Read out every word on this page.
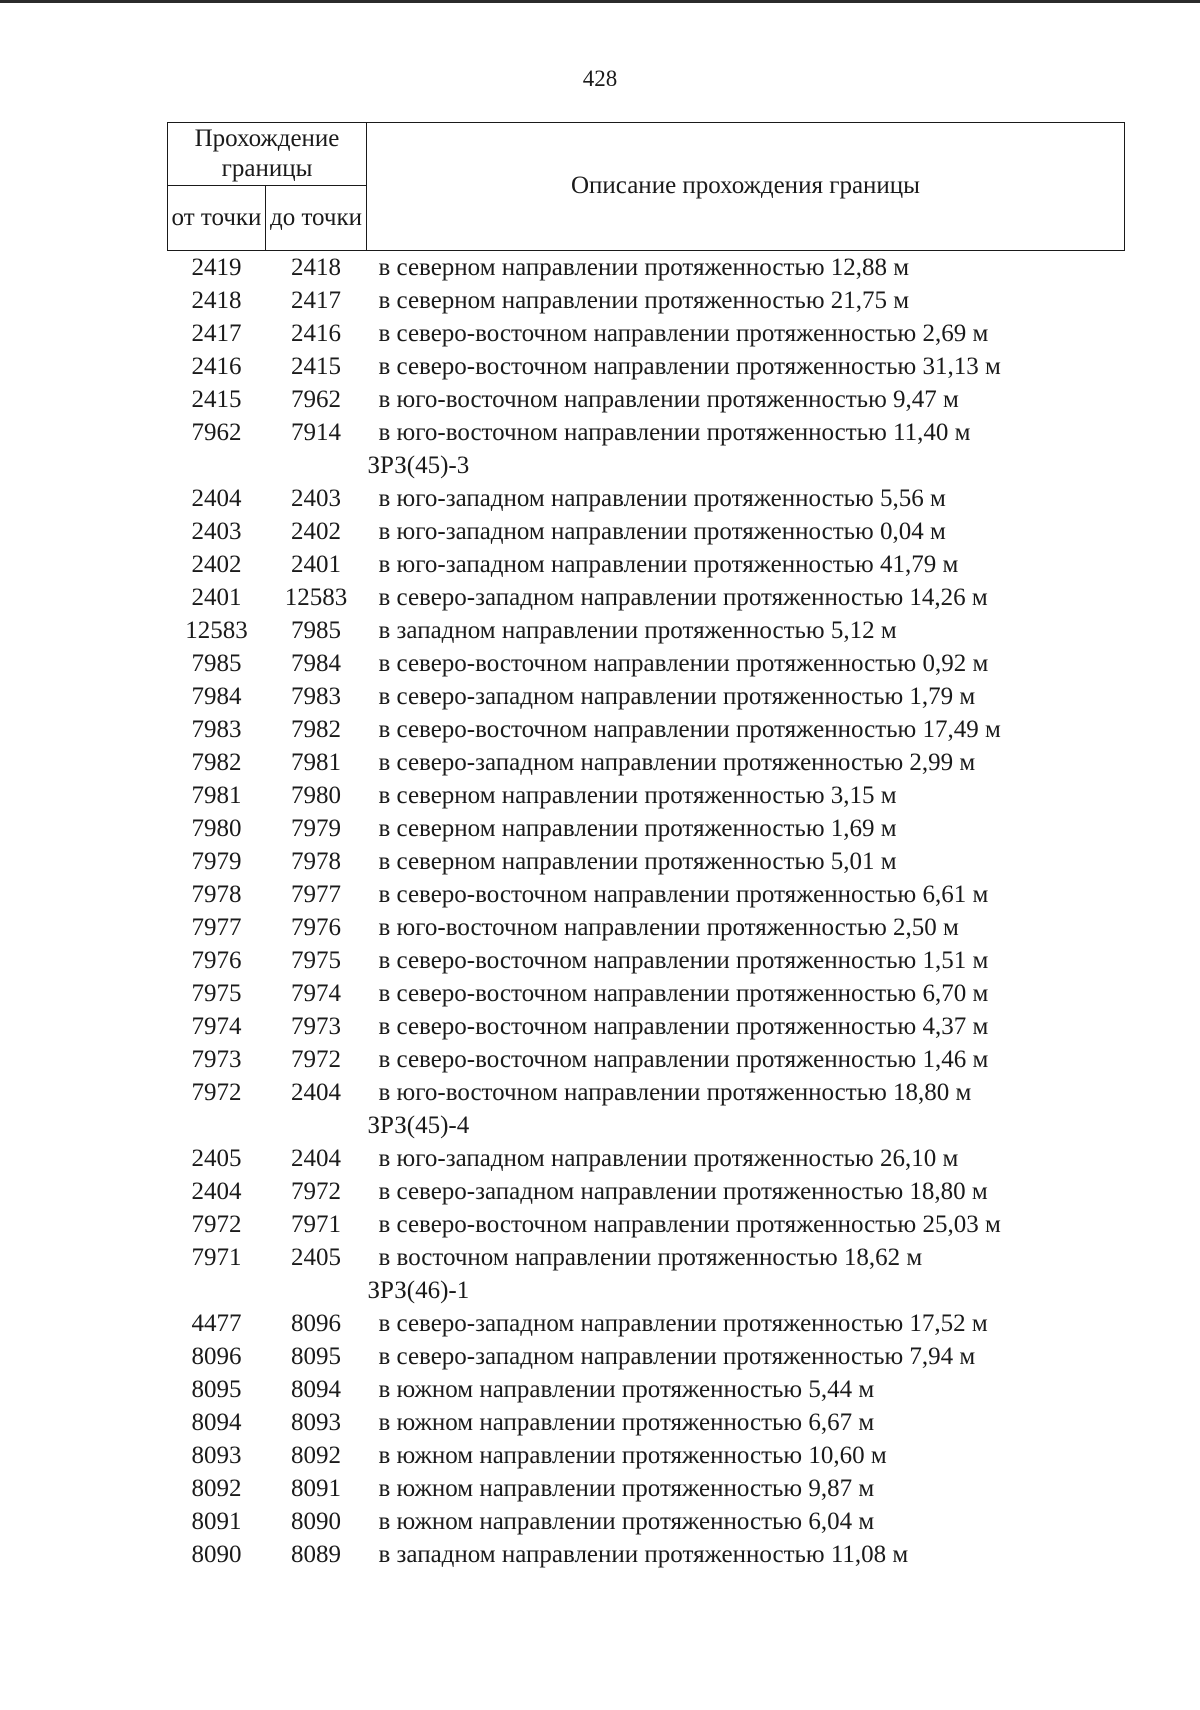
428
Прохождение границы		Описание прохождения границы
от точки	до точки	
2419	2418	в северном направлении протяженностью 12,88 м
2418	2417	в северном направлении протяженностью 21,75 м
2417	2416	в северо-восточном направлении протяженностью 2,69 м
2416	2415	в северо-восточном направлении протяженностью 31,13 м
2415	7962	в юго-восточном направлении протяженностью 9,47 м
7962	7914	в юго-восточном направлении протяженностью 11,40 м
ЗРЗ(45)-3		
2404	2403	в юго-западном направлении протяженностью 5,56 м
2403	2402	в юго-западном направлении протяженностью 0,04 м
2402	2401	в юго-западном направлении протяженностью 41,79 м
2401	12583	в северо-западном направлении протяженностью 14,26 м
12583	7985	в западном направлении протяженностью 5,12 м
7985	7984	в северо-восточном направлении протяженностью 0,92 м
7984	7983	в северо-западном направлении протяженностью 1,79 м
7983	7982	в северо-восточном направлении протяженностью 17,49 м
7982	7981	в северо-западном направлении протяженностью 2,99 м
7981	7980	в северном направлении протяженностью 3,15 м
7980	7979	в северном направлении протяженностью 1,69 м
7979	7978	в северном направлении протяженностью 5,01 м
7978	7977	в северо-восточном направлении протяженностью 6,61 м
7977	7976	в юго-восточном направлении протяженностью 2,50 м
7976	7975	в северо-восточном направлении протяженностью 1,51 м
7975	7974	в северо-восточном направлении протяженностью 6,70 м
7974	7973	в северо-восточном направлении протяженностью 4,37 м
7973	7972	в северо-восточном направлении протяженностью 1,46 м
7972	2404	в юго-восточном направлении протяженностью 18,80 м
ЗРЗ(45)-4		
2405	2404	в юго-западном направлении протяженностью 26,10 м
2404	7972	в северо-западном направлении протяженностью 18,80 м
7972	7971	в северо-восточном направлении протяженностью 25,03 м
7971	2405	в восточном направлении протяженностью 18,62 м
ЗРЗ(46)-1		
4477	8096	в северо-западном направлении протяженностью 17,52 м
8096	8095	в северо-западном направлении протяженностью 7,94 м
8095	8094	в южном направлении протяженностью 5,44 м
8094	8093	в южном направлении протяженностью 6,67 м
8093	8092	в южном направлении протяженностью 10,60 м
8092	8091	в южном направлении протяженностью 9,87 м
8091	8090	в южном направлении протяженностью 6,04 м
8090	8089	в западном направлении протяженностью 11,08 м
